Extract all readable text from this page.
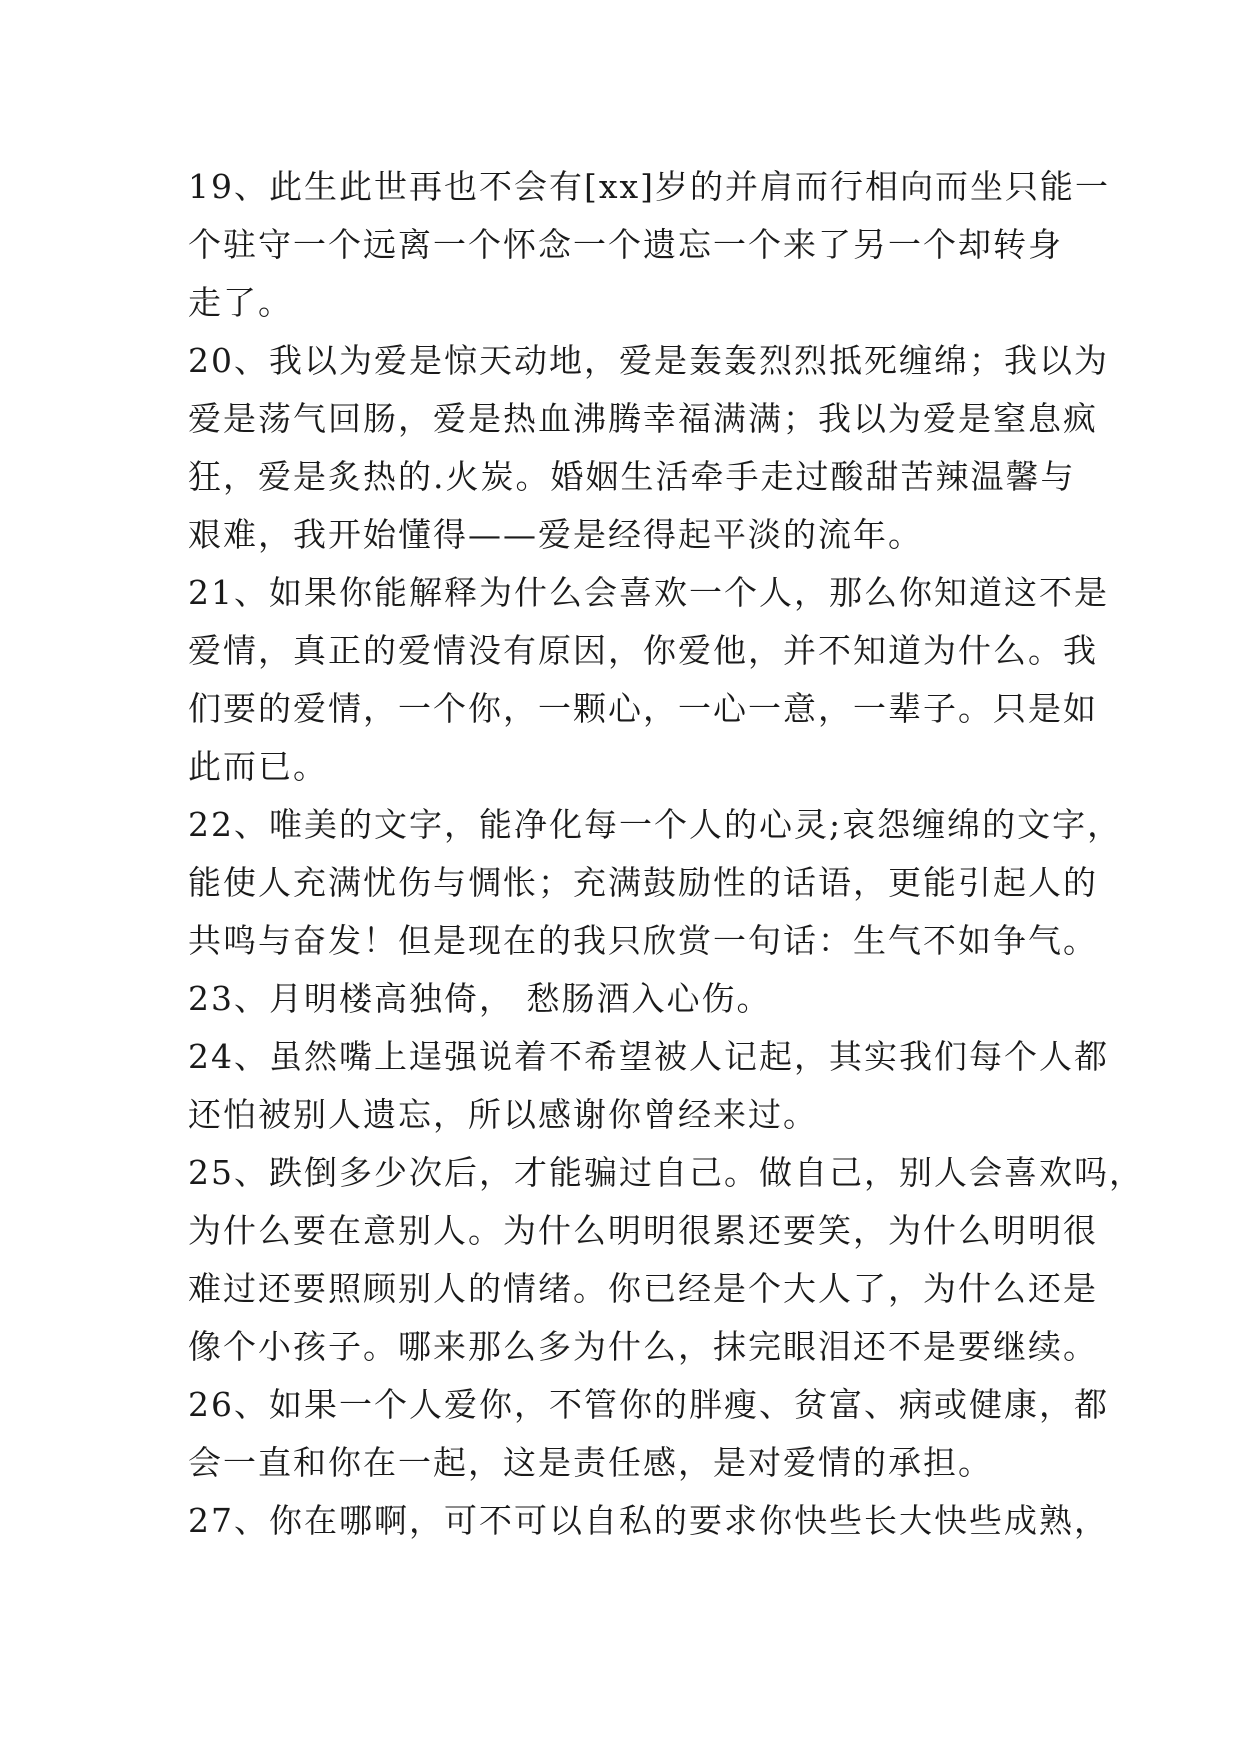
19、此生此世再也不会有[xx]岁的并肩而行相向而坐只能一
个驻守一个远离一个怀念一个遗忘一个来了另一个却转身
走了。
20、我以为爱是惊天动地，爱是轰轰烈烈抵死缠绵；我以为
爱是荡气回肠，爱是热血沸腾幸福满满；我以为爱是窒息疯
狂，爱是炙热的.火炭。婚姻生活牵手走过酸甜苦辣温馨与
艰难，我开始懂得——爱是经得起平淡的流年。
21、如果你能解释为什么会喜欢一个人，那么你知道这不是
爱情，真正的爱情没有原因，你爱他，并不知道为什么。我
们要的爱情，一个你，一颗心，一心一意，一辈子。只是如
此而已。
22、唯美的文字，能净化每一个人的心灵;哀怨缠绵的文字，
能使人充满忧伤与惆怅；充满鼓励性的话语，更能引起人的
共鸣与奋发！但是现在的我只欣赏一句话：生气不如争气。
23、月明楼高独倚， 愁肠酒入心伤。
24、虽然嘴上逞强说着不希望被人记起，其实我们每个人都
还怕被别人遗忘，所以感谢你曾经来过。
25、跌倒多少次后，才能骗过自己。做自己，别人会喜欢吗，
为什么要在意别人。为什么明明很累还要笑，为什么明明很
难过还要照顾别人的情绪。你已经是个大人了，为什么还是
像个小孩子。哪来那么多为什么，抹完眼泪还不是要继续。
26、如果一个人爱你，不管你的胖瘦、贫富、病或健康，都
会一直和你在一起，这是责任感，是对爱情的承担。
27、你在哪啊，可不可以自私的要求你快些长大快些成熟，
